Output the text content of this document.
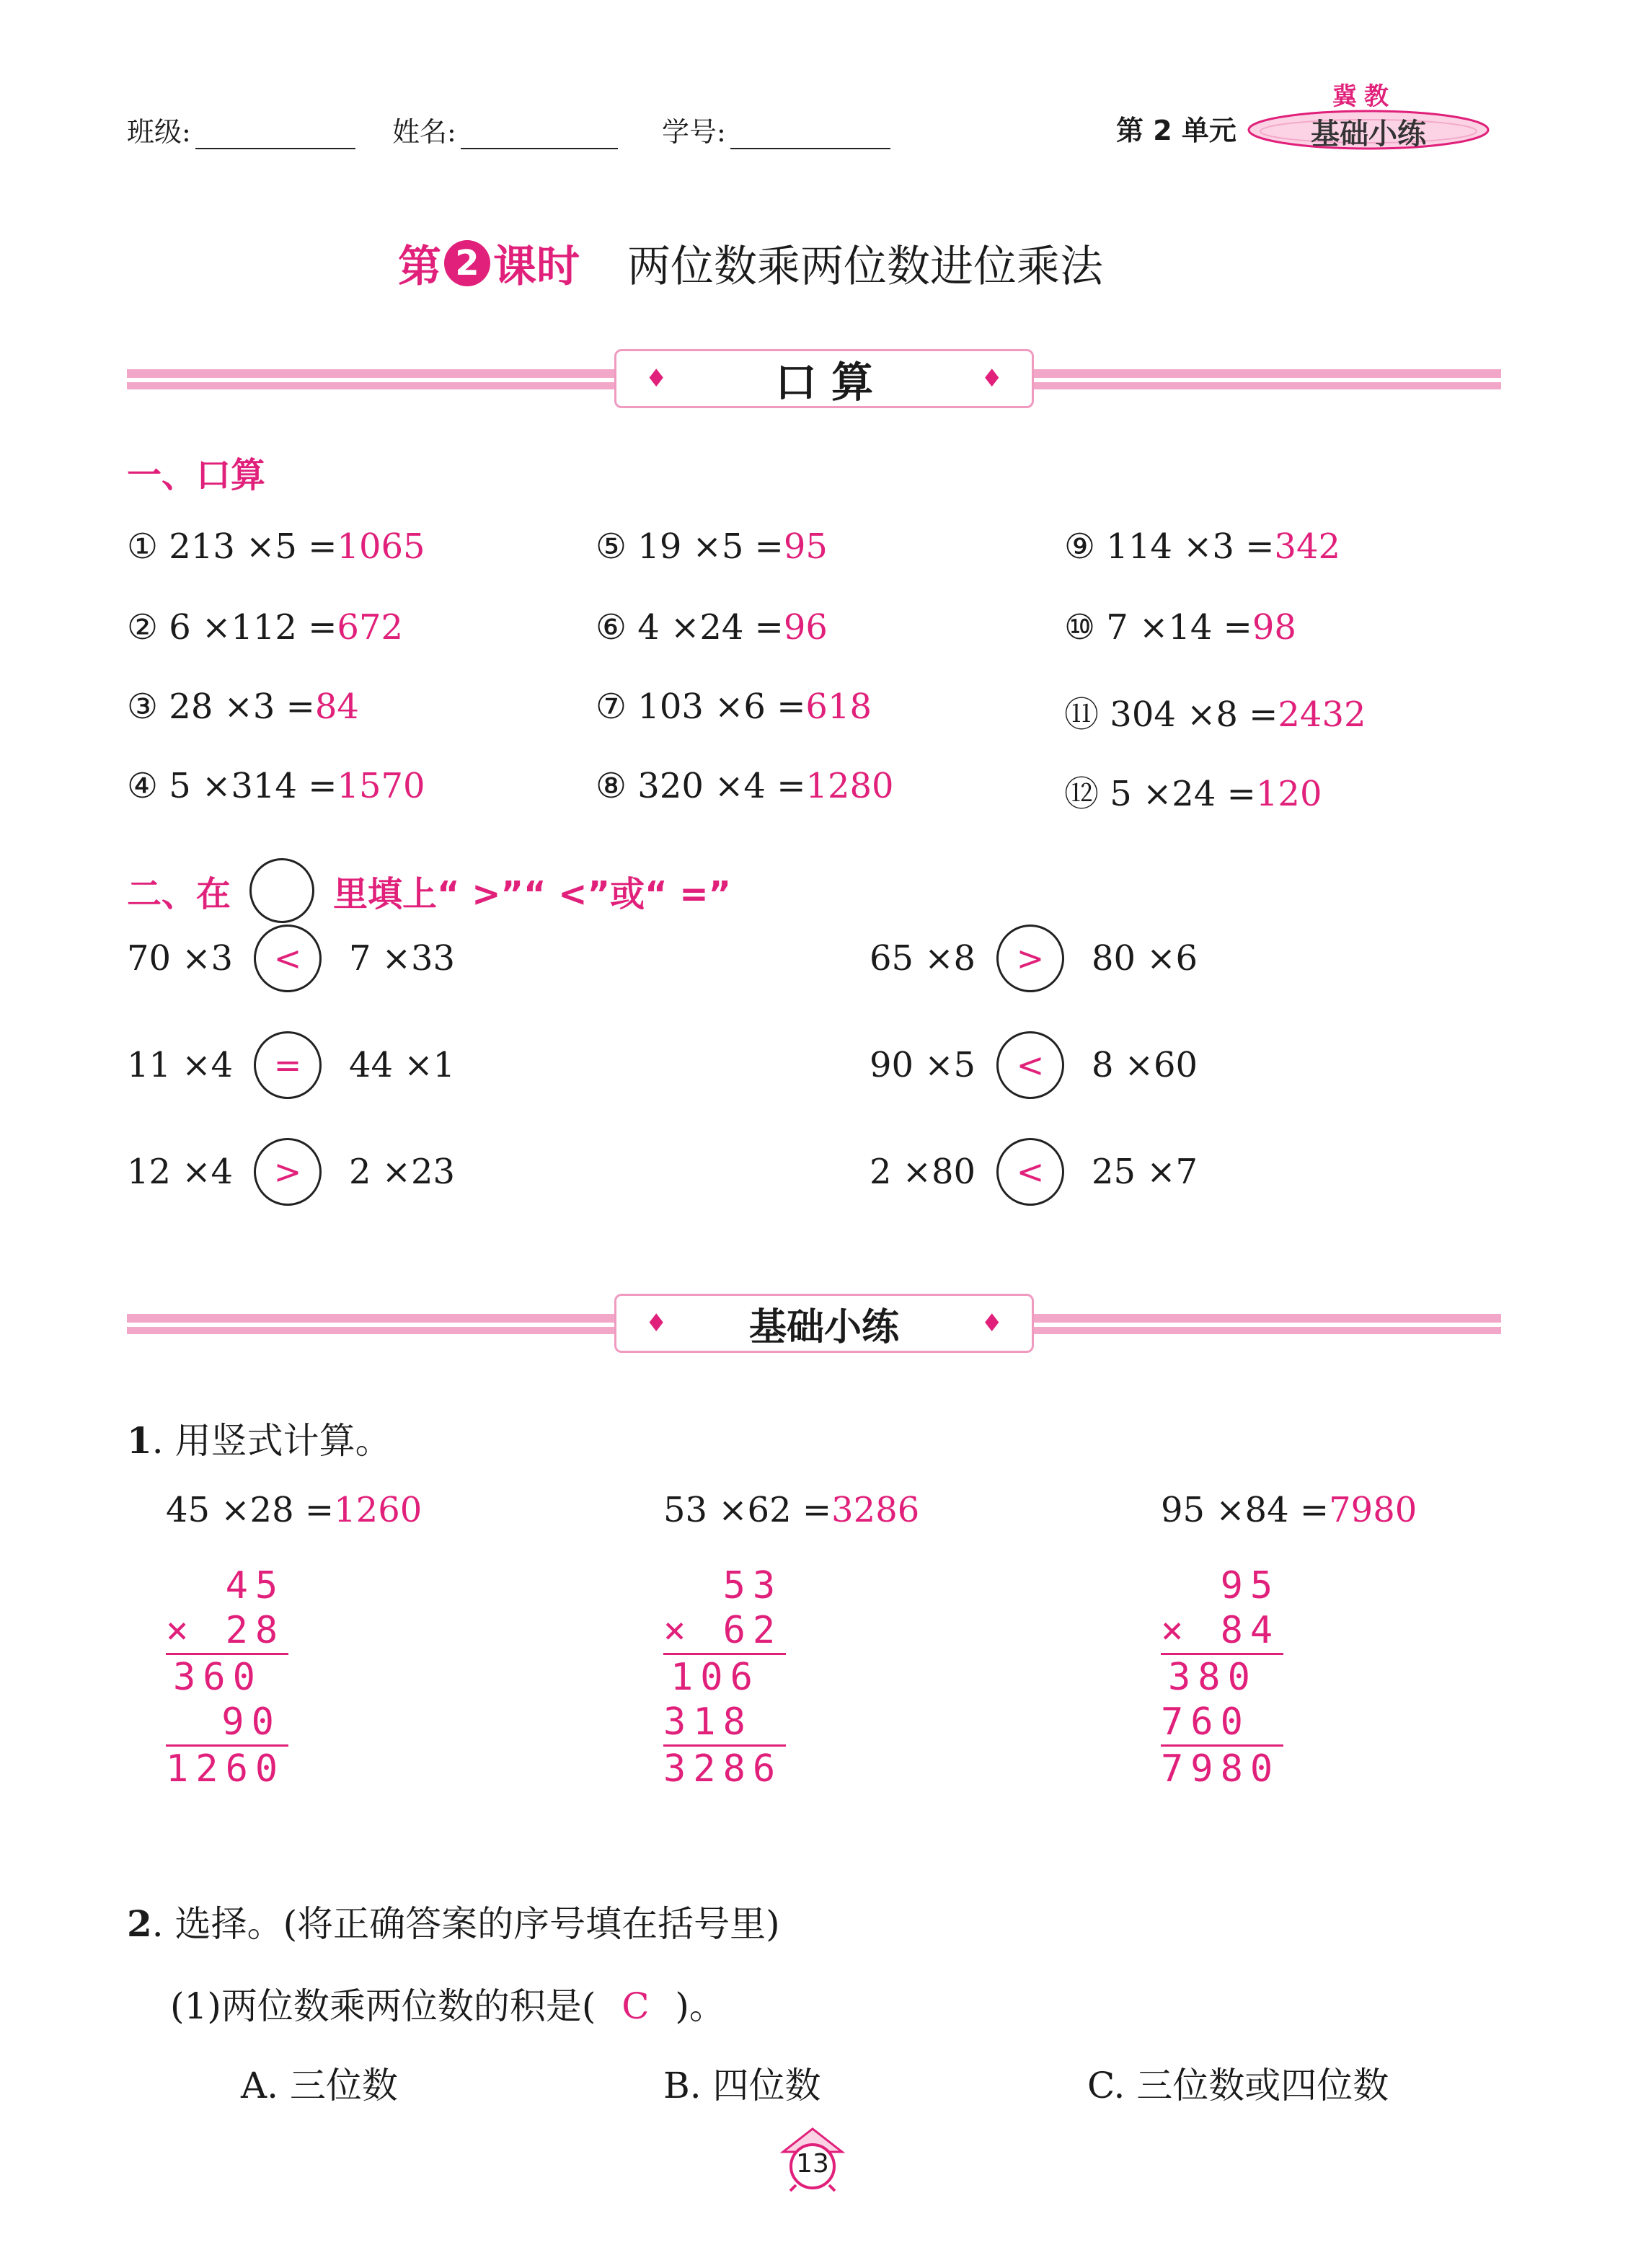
班级:	姓名:	学号:	第 2 单元
冀教
基础小练
第 2 课时 两位数乘两位数进位乘法
♦	口 算	♦
一、口算
① 213 ×5 =1065	⑤ 19 ×5 =95	⑨ 114 ×3 =342
② 6 ×112 =672	⑥ 4 ×24 =96	⑩ 7 ×14 =98
③ 28 ×3 =84	⑦ 103 ×6 =618	⑪ 304 ×8 =2432
④ 5 ×314 =1570	⑧ 320 ×4 =1280	⑫ 5 ×24 =120
二、在	里填上“ >”“ <”或“ =”
70 ×3	<	7 ×33	65 ×8	>	80 ×6
11 ×4	=	44 ×1	90 ×5	<	8 ×60
12 ×4	>	2 ×23	2 ×80	<	25 ×7
♦ 基础小练	♦
1. 用竖式计算。
45 ×28 =1260
45
× 28
360
90
1260
53 ×62 =3286
53
× 62
106
318
3286
95 ×84 =7980
95
× 84
380
760
7980
2. 选择。(将正确答案的序号填在括号里)
(1)两位数乘两位数的积是( C )。
A. 三位数	B. 四位数	C. 三位数或四位数
13
